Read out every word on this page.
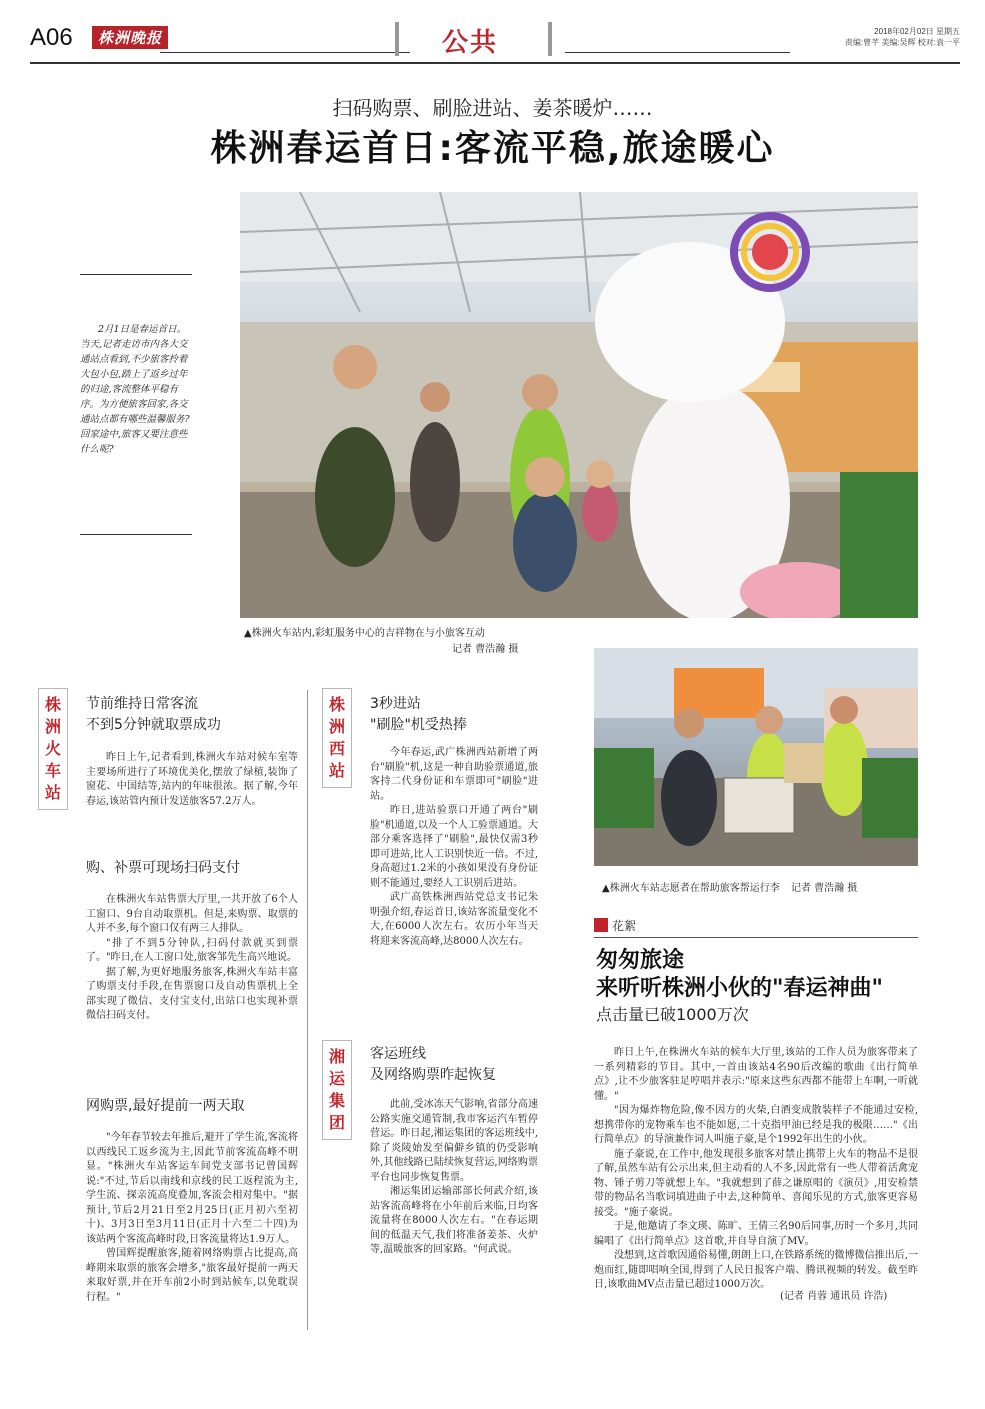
A06	株洲晚报	公共	2018年02月02日 星期五
责编:曾芊 美编:吴辉 校对:袁一平
扫码购票、刷脸进站、姜茶暖炉……
株洲春运首日:客流平稳,旅途暖心
2月1日是春运首日。当天,记者走访市内各大交通站点看到,不少旅客拎着大包小包,踏上了返乡过年的归途,客流整体平稳有序。为方便旅客回家,各交通站点都有哪些温馨服务?回家途中,旅客又要注意些什么呢?
▲株洲火车站内,彩虹服务中心的吉祥物在与小旅客互动
记者 曹浩瀚 摄
株
洲
火
车
站
节前维持日常客流
不到5分钟就取票成功

昨日上午,记者看到,株洲火车站对候车室等主要场所进行了环境优美化,摆放了绿植,装饰了窗花、中国结等,站内的年味很浓。据了解,今年春运,该站管内预计发送旅客57.2万人。

购、补票可现场扫码支付

在株洲火车站售票大厅里,一共开放了6个人工窗口、9台自动取票机。但是,来购票、取票的人并不多,每个窗口仅有两三人排队。

"排了不到5分钟队,扫码付款就买到票了。"昨日,在人工窗口处,旅客邹先生高兴地说。

据了解,为更好地服务旅客,株洲火车站丰富了购票支付手段,在售票窗口及自动售票机上全部实现了微信、支付宝支付,出站口也实现补票微信扫码支付。

网购票,最好提前一两天取

"今年春节较去年推后,避开了学生流,客流将以西线民工返乡流为主,因此节前客流高峰不明显。"株洲火车站客运车间党支部书记曾国辉说:"不过,节后以南线和京线的民工返程流为主,学生流、探亲流高度叠加,客流会相对集中。"据预计,节后2月21日至2月25日(正月初六至初十)、3月3日至3月11日(正月十六至二十四)为该站两个客流高峰时段,日客流量将达1.9万人。

曾国辉提醒旅客,随着网络购票占比提高,高峰期来取票的旅客会增多,"旅客最好提前一两天来取好票,并在开车前2小时到站候车,以免耽误行程。"

株
洲
西
站
3秒进站
"刷脸"机受热捧

今年春运,武广株洲西站新增了两台"刷脸"机,这是一种自助验票通道,旅客持二代身份证和车票即可"刷脸"进站。

昨日,进站验票口开通了两台"刷脸"机通道,以及一个人工验票通道。大部分乘客选择了"刷脸",最快仅需3秒即可进站,比人工识别快近一倍。不过,身高超过1.2米的小孩如果没有身份证则不能通过,要经人工识别后进站。

武广高铁株洲西站党总支书记朱明强介绍,春运首日,该站客流量变化不大,在6000人次左右。农历小年当天将迎来客流高峰,达8000人次左右。

湘
运
集
团
客运班线
及网络购票昨起恢复

此前,受冰冻天气影响,省部分高速公路实施交通管制,我市客运汽车暂停营运。昨日起,湘运集团的客运班线中,除了炎陵始发至偏僻乡镇的仍受影响外,其他线路已陆续恢复营运,网络购票平台也同步恢复售票。

湘运集团运输部部长何武介绍,该站客流高峰将在小年前后来临,日均客流量将在8000人次左右。"在春运期间的低温天气,我们将准备姜茶、火炉等,温暖旅客的回家路。"何武说。

▲株洲火车站志愿者在帮助旅客帮运行李 记者 曹浩瀚 摄
花絮
匆匆旅途
来听听株洲小伙的"春运神曲"
点击量已破1000万次

昨日上午,在株洲火车站的候车大厅里,该站的工作人员为旅客带来了一系列精彩的节目。其中,一首由该站4名90后改编的歌曲《出行简单点》,让不少旅客驻足哼唱并表示:"原来这些东西都不能带上车啊,一听就懂。"

"因为爆炸物危险,像不因方的火柴,白酒变成散装样子不能通过安检,想携带你的宠物乘车也不能如愿,二十克指甲油已经是我的极限……"《出行简单点》的导演兼作词人叫施子豪,是个1992年出生的小伙。

施子豪说,在工作中,他发现很多旅客对禁止携带上火车的物品不是很了解,虽然车站有公示出来,但主动看的人不多,因此常有一些人带着活禽宠物、锤子剪刀等就想上车。"我就想到了薛之谦原唱的《演员》,用安检禁带的物品名当歌词填进曲子中去,这种简单、喜闻乐见的方式,旅客更容易接受。"施子豪说。

于是,他邀请了李文瑛、陈旷、王倩三名90后同事,历时一个多月,共同编唱了《出行简单点》这首歌,并自导自演了MV。

没想到,这首歌因通俗易懂,朗朗上口,在铁路系统的微博微信推出后,一炮而红,随即唱响全国,得到了人民日报客户端、腾讯视频的转发。截至昨日,该歌曲MV点击量已超过1000万次。

(记者 肖蓉 通讯员 许浩)
